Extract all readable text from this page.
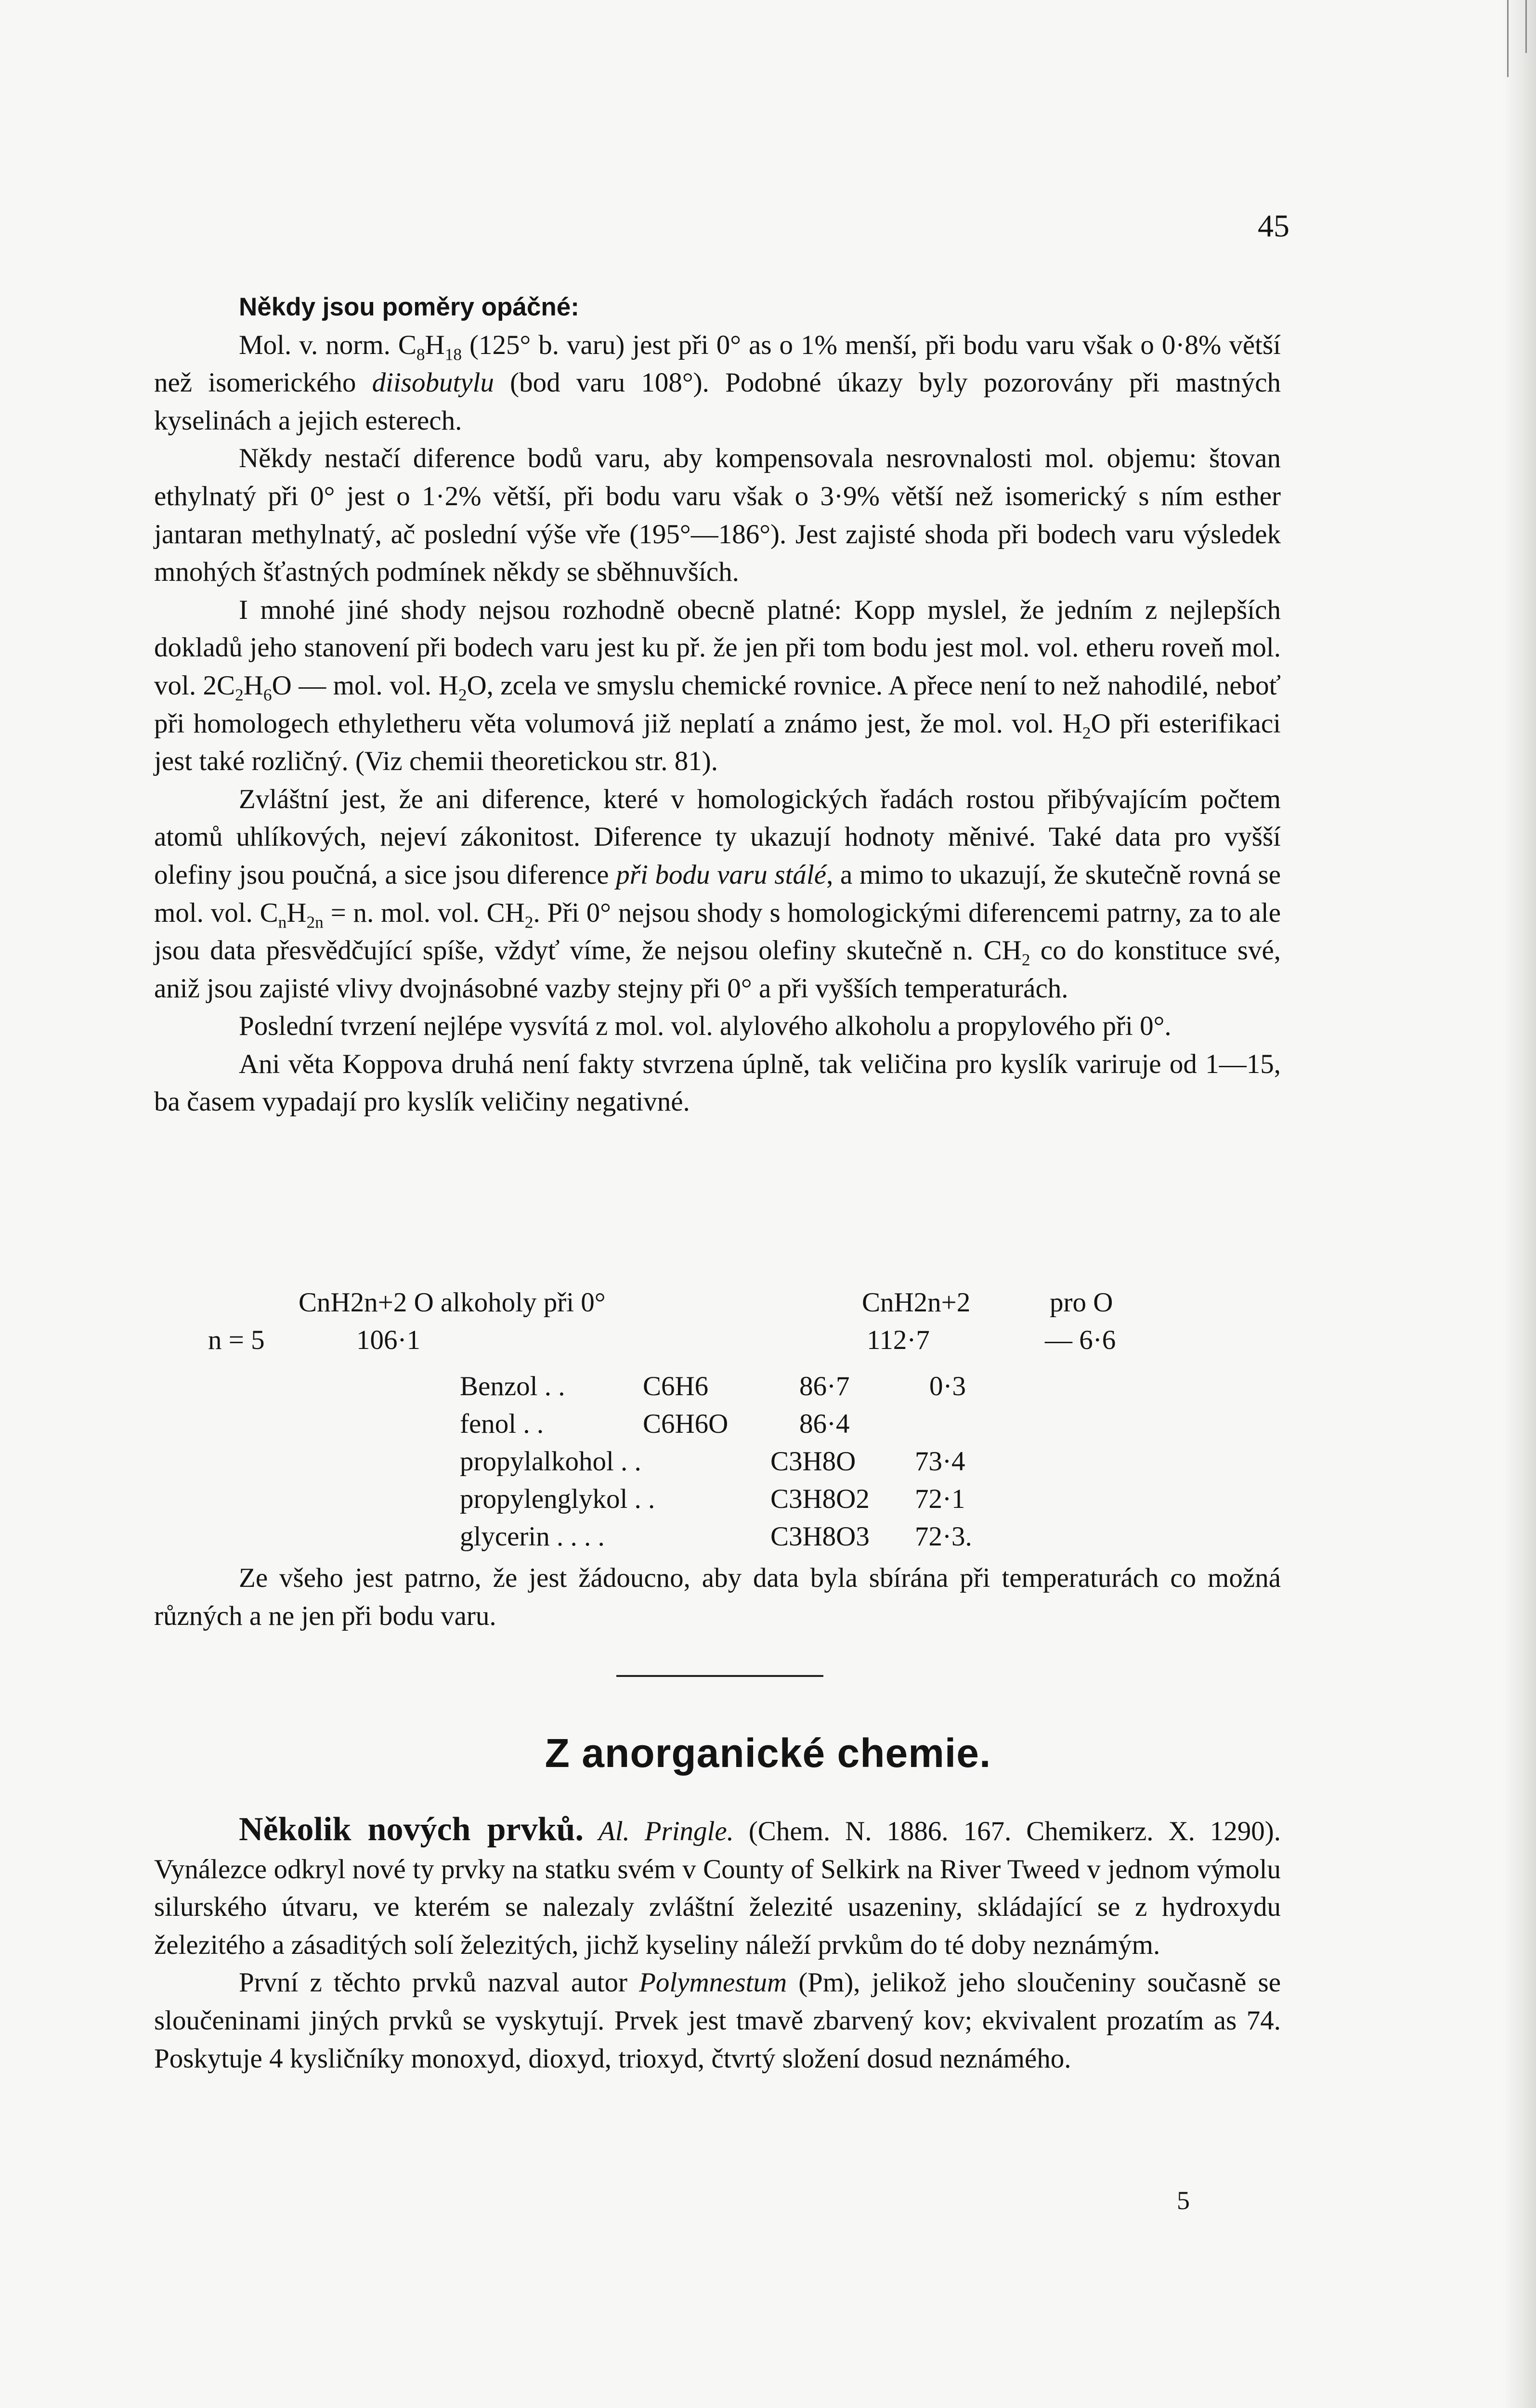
45

Někdy jsou poměry opáčné:

Mol. v. norm. $C_8H_{18}$ (125° b. varu) jest při 0° as o 1% menší, při bodu varu však o 0·8% větší než isomerického diisobutylu (bod varu 108°). Podobné úkazy byly pozorovány při mastných kyselinách a jejich esterech.

Někdy nestačí diference bodů varu, aby kompensovala nesrovnalosti mol. objemu: štovan ethylnatý při 0° jest o 1·2% větší, při bodu varu však o 3·9% větší než isomerický s ním esther jantaran methylnatý, ač poslední výše vře (195°—186°). Jest zajisté shoda při bodech varu výsledek mnohých šťastných podmínek někdy se sběhnuvších.

I mnohé jiné shody nejsou rozhodně obecně platné: Kopp myslel, že jedním z nejlepších dokladů jeho stanovení při bodech varu jest ku př. že jen při tom bodu jest mol. vol. etheru roveň mol. vol. $2C_2H_6O$ — mol. vol. $H_2O$, zcela ve smyslu chemické rovnice. A přece není to než nahodilé, neboť při homologech ethyletheru věta volumová již neplatí a známo jest, že mol. vol. $H_2O$ při esterifikaci jest také rozličný. (Viz chemii theoretickou str. 81).

Zvláštní jest, že ani diference, které v homologických řadách rostou přibývajícím počtem atomů uhlíkových, nejeví zákonitost. Diference ty ukazují hodnoty měnivé. Také data pro vyšší olefiny jsou poučná, a sice jsou diference při bodu varu stálé, a mimo to ukazují, že skutečně rovná se mol. vol. $C_nH_{2n} = n$. mol. vol. $CH_2$. Při 0° nejsou shody s homologickými diferencemi patrny, za to ale jsou data přesvědčující spíše, vždyť víme, že nejsou olefiny skutečně n. $CH_2$ co do konstituce své, aniž jsou zajisté vlivy dvojnásobné vazby stejny při 0° a při vyšších temperaturách.

Poslední tvrzení nejlépe vysvítá z mol. vol. alylového alkoholu a propylového při 0°.

Ani věta Koppova druhá není fakty stvrzena úplně, tak veličina pro kyslík variruje od 1—15, ba časem vypadají pro kyslík veličiny negativné.

CnH2n+2 O alkoholy při 0°	CnH2n+2	pro O
n = 5	106·1	112·7	— 6·6
Benzol . .	C6H6	86·7	0·3
fenol . .	C6H6O	86·4
propylalkohol . .	C3H8O 73·4
propylenglykol . .	C3H8O2 72·1
glycerin . . . .	C3H8O3 72·3.

Ze všeho jest patrno, že jest žádoucno, aby data byla sbírána při temperaturách co možná různých a ne jen při bodu varu.

Z anorganické chemie.

Několik nových prvků. Al. Pringle. (Chem. N. 1886. 167. Chemikerz. X. 1290). Vynálezce odkryl nové ty prvky na statku svém v County of Selkirk na River Tweed v jednom výmolu silurského útvaru, ve kterém se nalezaly zvláštní železité usazeniny, skládající se z hydroxydu železitého a zásaditých solí železitých, jichž kyseliny náleží prvkům do té doby neznámým.

První z těchto prvků nazval autor Polymnestum (Pm), jelikož jeho sloučeniny současně se sloučeninami jiných prvků se vyskytují. Prvek jest tmavě zbarvený kov; ekvivalent prozatím as 74. Poskytuje 4 kysličníky monoxyd, dioxyd, trioxyd, čtvrtý složení dosud neznámého.

5
